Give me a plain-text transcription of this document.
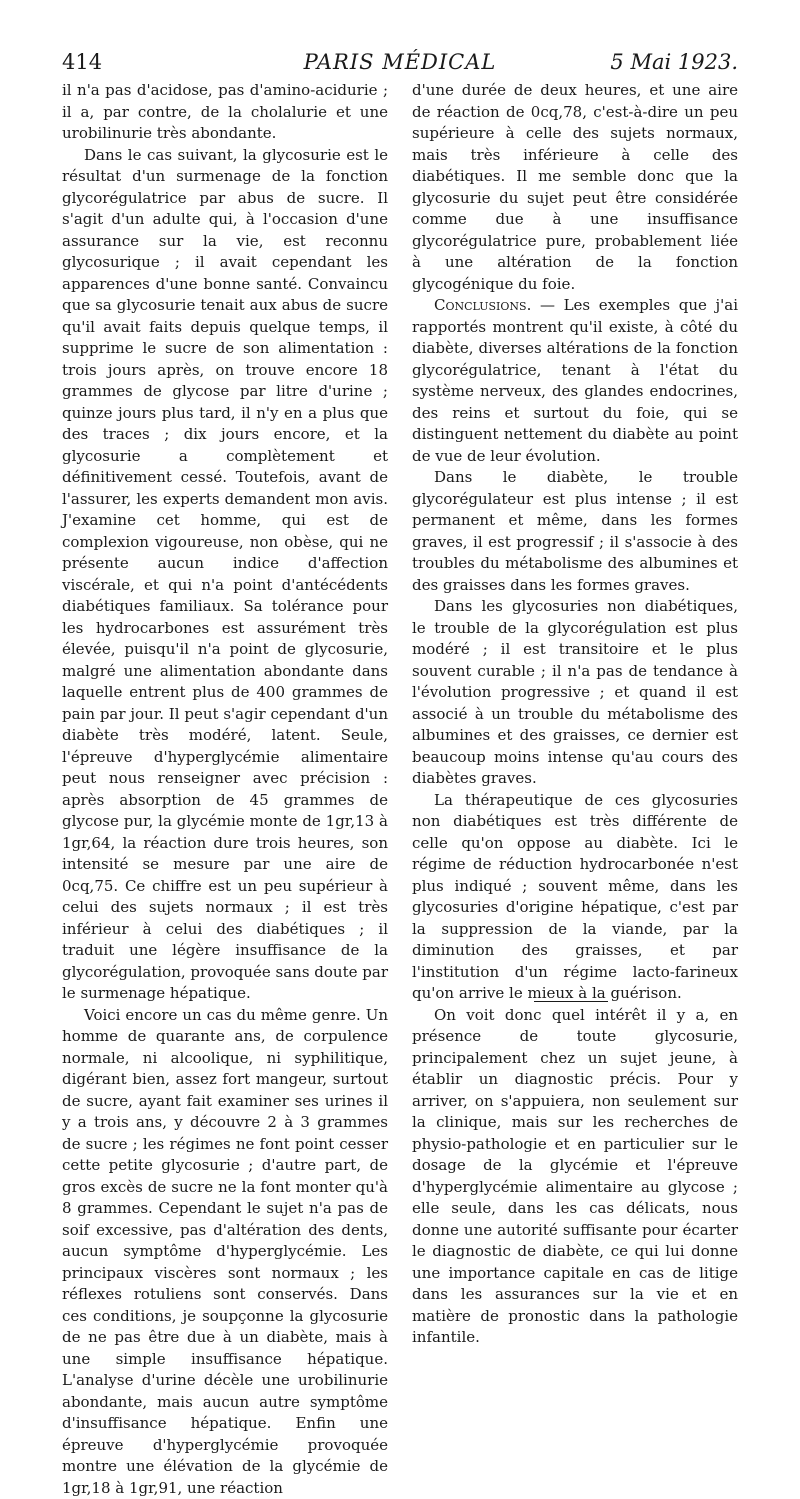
414	PARIS MÉDICAL	5 Mai 1923.

il n'a pas d'acidose, pas d'amino-acidurie ; il a, par contre, de la cholalurie et une urobilinurie très abondante.

Dans le cas suivant, la glycosurie est le résultat d'un surmenage de la fonction glycorégulatrice par abus de sucre. Il s'agit d'un adulte qui, à l'occasion d'une assurance sur la vie, est reconnu glycosurique ; il avait cependant les apparences d'une bonne santé. Convaincu que sa glycosurie tenait aux abus de sucre qu'il avait faits depuis quelque temps, il supprime le sucre de son alimentation : trois jours après, on trouve encore 18 grammes de glycose par litre d'urine ; quinze jours plus tard, il n'y en a plus que des traces ; dix jours encore, et la glycosurie a complètement et définitivement cessé. Toutefois, avant de l'assurer, les experts demandent mon avis. J'examine cet homme, qui est de complexion vigoureuse, non obèse, qui ne présente aucun indice d'affection viscérale, et qui n'a point d'antécédents diabétiques familiaux. Sa tolérance pour les hydrocarbones est assurément très élevée, puisqu'il n'a point de glycosurie, malgré une alimentation abondante dans laquelle entrent plus de 400 grammes de pain par jour. Il peut s'agir cependant d'un diabète très modéré, latent. Seule, l'épreuve d'hyperglycémie alimentaire peut nous renseigner avec précision : après absorption de 45 grammes de glycose pur, la glycémie monte de 1gr,13 à 1gr,64, la réaction dure trois heures, son intensité se mesure par une aire de 0cq,75. Ce chiffre est un peu supérieur à celui des sujets normaux ; il est très inférieur à celui des diabétiques ; il traduit une légère insuffisance de la glycorégulation, provoquée sans doute par le surmenage hépatique.

Voici encore un cas du même genre. Un homme de quarante ans, de corpulence normale, ni alcoolique, ni syphilitique, digérant bien, assez fort mangeur, surtout de sucre, ayant fait examiner ses urines il y a trois ans, y découvre 2 à 3 grammes de sucre ; les régimes ne font point cesser cette petite glycosurie ; d'autre part, de gros excès de sucre ne la font monter qu'à 8 grammes. Cependant le sujet n'a pas de soif excessive, pas d'altération des dents, aucun symptôme d'hyperglycémie. Les principaux viscères sont normaux ; les réflexes rotuliens sont conservés. Dans ces conditions, je soupçonne la glycosurie de ne pas être due à un diabète, mais à une simple insuffisance hépatique. L'analyse d'urine décèle une urobilinurie abondante, mais aucun autre symptôme d'insuffisance hépatique. Enfin une épreuve d'hyperglycémie provoquée montre une élévation de la glycémie de 1gr,18 à 1gr,91, une réaction

d'une durée de deux heures, et une aire de réaction de 0cq,78, c'est-à-dire un peu supérieure à celle des sujets normaux, mais très inférieure à celle des diabétiques. Il me semble donc que la glycosurie du sujet peut être considérée comme due à une insuffisance glycorégulatrice pure, probablement liée à une altération de la fonction glycogénique du foie.

Conclusions. — Les exemples que j'ai rapportés montrent qu'il existe, à côté du diabète, diverses altérations de la fonction glycorégulatrice, tenant à l'état du système nerveux, des glandes endocrines, des reins et surtout du foie, qui se distinguent nettement du diabète au point de vue de leur évolution.

Dans le diabète, le trouble glycorégulateur est plus intense ; il est permanent et même, dans les formes graves, il est progressif ; il s'associe à des troubles du métabolisme des albumines et des graisses dans les formes graves.

Dans les glycosuries non diabétiques, le trouble de la glycorégulation est plus modéré ; il est transitoire et le plus souvent curable ; il n'a pas de tendance à l'évolution progressive ; et quand il est associé à un trouble du métabolisme des albumines et des graisses, ce dernier est beaucoup moins intense qu'au cours des diabètes graves.

La thérapeutique de ces glycosuries non diabétiques est très différente de celle qu'on oppose au diabète. Ici le régime de réduction hydrocarbonée n'est plus indiqué ; souvent même, dans les glycosuries d'origine hépatique, c'est par la suppression de la viande, par la diminution des graisses, et par l'institution d'un régime lacto-farineux qu'on arrive le mieux à la guérison.

On voit donc quel intérêt il y a, en présence de toute glycosurie, principalement chez un sujet jeune, à établir un diagnostic précis. Pour y arriver, on s'appuiera, non seulement sur la clinique, mais sur les recherches de physio-pathologie et en particulier sur le dosage de la glycémie et l'épreuve d'hyperglycémie alimentaire au glycose ; elle seule, dans les cas délicats, nous donne une autorité suffisante pour écarter le diagnostic de diabète, ce qui lui donne une importance capitale en cas de litige dans les assurances sur la vie et en matière de pronostic dans la pathologie infantile.
